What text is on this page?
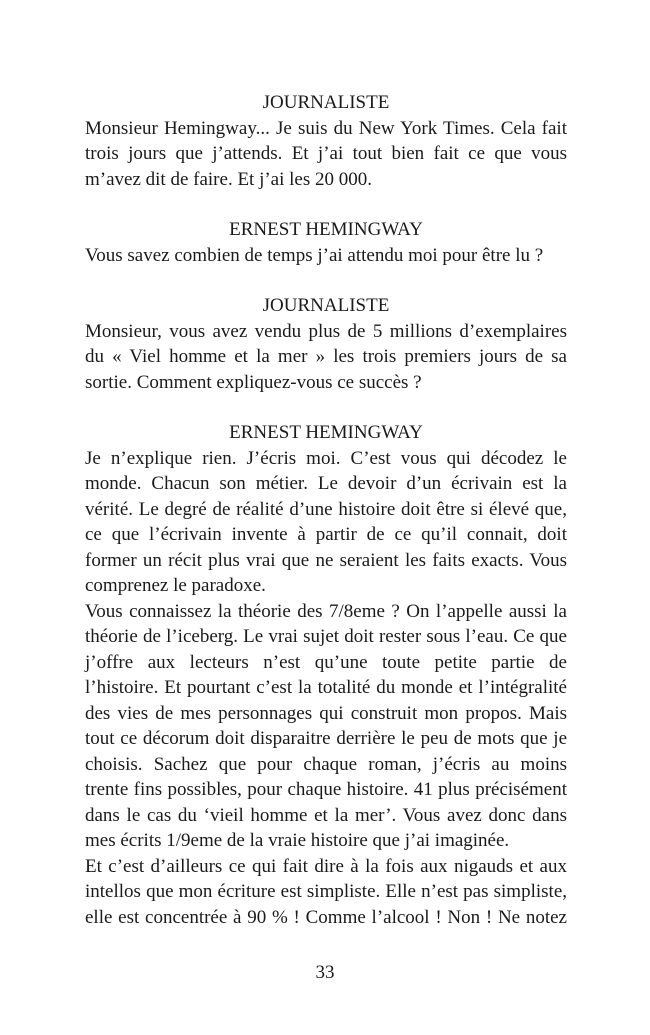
JOURNALISTE
Monsieur Hemingway... Je suis du New York Times. Cela fait
trois jours que j’attends. Et j’ai tout bien fait ce que vous
m’avez dit de faire. Et j’ai les 20 000.
ERNEST HEMINGWAY
Vous savez combien de temps j’ai attendu moi pour être lu ?
JOURNALISTE
Monsieur, vous avez vendu plus de 5 millions d’exemplaires
du « Viel homme et la mer » les trois premiers jours de sa
sortie. Comment expliquez-vous ce succès ?
ERNEST HEMINGWAY
Je n’explique rien. J’écris moi. C’est vous qui décodez le
monde. Chacun son métier. Le devoir d’un écrivain est la
vérité. Le degré de réalité d’une histoire doit être si élevé que,
ce que l’écrivain invente à partir de ce qu’il connait, doit
former un récit plus vrai que ne seraient les faits exacts. Vous
comprenez le paradoxe.
Vous connaissez la théorie des 7/8eme ? On l’appelle aussi la
théorie de l’iceberg. Le vrai sujet doit rester sous l’eau. Ce que
j’offre aux lecteurs n’est qu’une toute petite partie de
l’histoire. Et pourtant c’est la totalité du monde et l’intégralité
des vies de mes personnages qui construit mon propos. Mais
tout ce décorum doit disparaitre derrière le peu de mots que je
choisis. Sachez que pour chaque roman, j’écris au moins
trente fins possibles, pour chaque histoire. 41 plus précisément
dans le cas du ‘vieil homme et la mer’. Vous avez donc dans
mes écrits 1/9eme de la vraie histoire que j’ai imaginée.
Et c’est d’ailleurs ce qui fait dire à la fois aux nigauds et aux
intellos que mon écriture est simpliste. Elle n’est pas simpliste,
elle est concentrée à 90 % ! Comme l’alcool ! Non ! Ne notez
33
